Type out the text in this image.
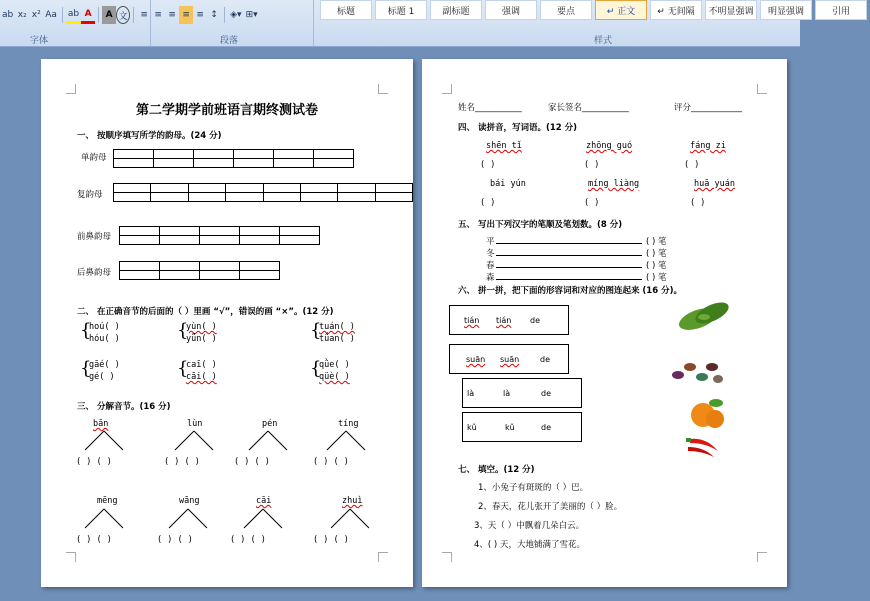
ab x₂ x² Aa ab A	A 文	≡ ≡ ≡ ≡ ≡ ↕	◈▾ ⊞▾
字体	段落
标题	标题 1	副标题	强调	要点	↵ 正文	↵ 无间隔	不明显强调	明显强调	引用
样式
第二学期学前班语言期终测试卷
一、 按顺序填写所学的韵母。(24 分)
单韵母

复韵母

前鼻韵母

后鼻韵母

二、 在正确音节的后面的（ ）里画 “√”，错误的画 “×”。(12 分)
{
hoú( )
hóu( )	{
yùn( )
yǖn( )	{
tuán( )
tǘan( )
{
gāé( )
gé( )	{
caī( )
cāi( )	{
qǜe( )
qüè( )
三、 分解音节。(16 分)
bān
( ) ( )
lùn
( ) ( )
pén
( ) ( )
tíng
( ) ( )
mēng
( ) ( )
wāng
( ) ( )
cāi
( ) ( )
zhuì
( ) ( )
姓名___________	家长签名___________	评分____________
四、 读拼音，写词语。(12 分)
shēn tǐ	zhōng guó	fáng zi
( )	( )	( )
bái yún	míng liàng	huā yuán
( )	( )	( )
五、 写出下列汉字的笔顺及笔划数。(8 分)
平	( ) 笔
冬	( ) 笔
春	( ) 笔
森	( ) 笔
六、 拼一拼，把下面的形容词和对应的图连起来 (16 分)。
tián tián de
suān suān	de
là	là	de
kǔ	kǔ	de
七、 填空。(12 分)
1、小兔子有斑斑的（ ）巴。
2、春天，花儿张开了美丽的（ ）脸。
3、天（ ）中飘着几朵白云。
4、( ) 天，大地铺满了雪花。
